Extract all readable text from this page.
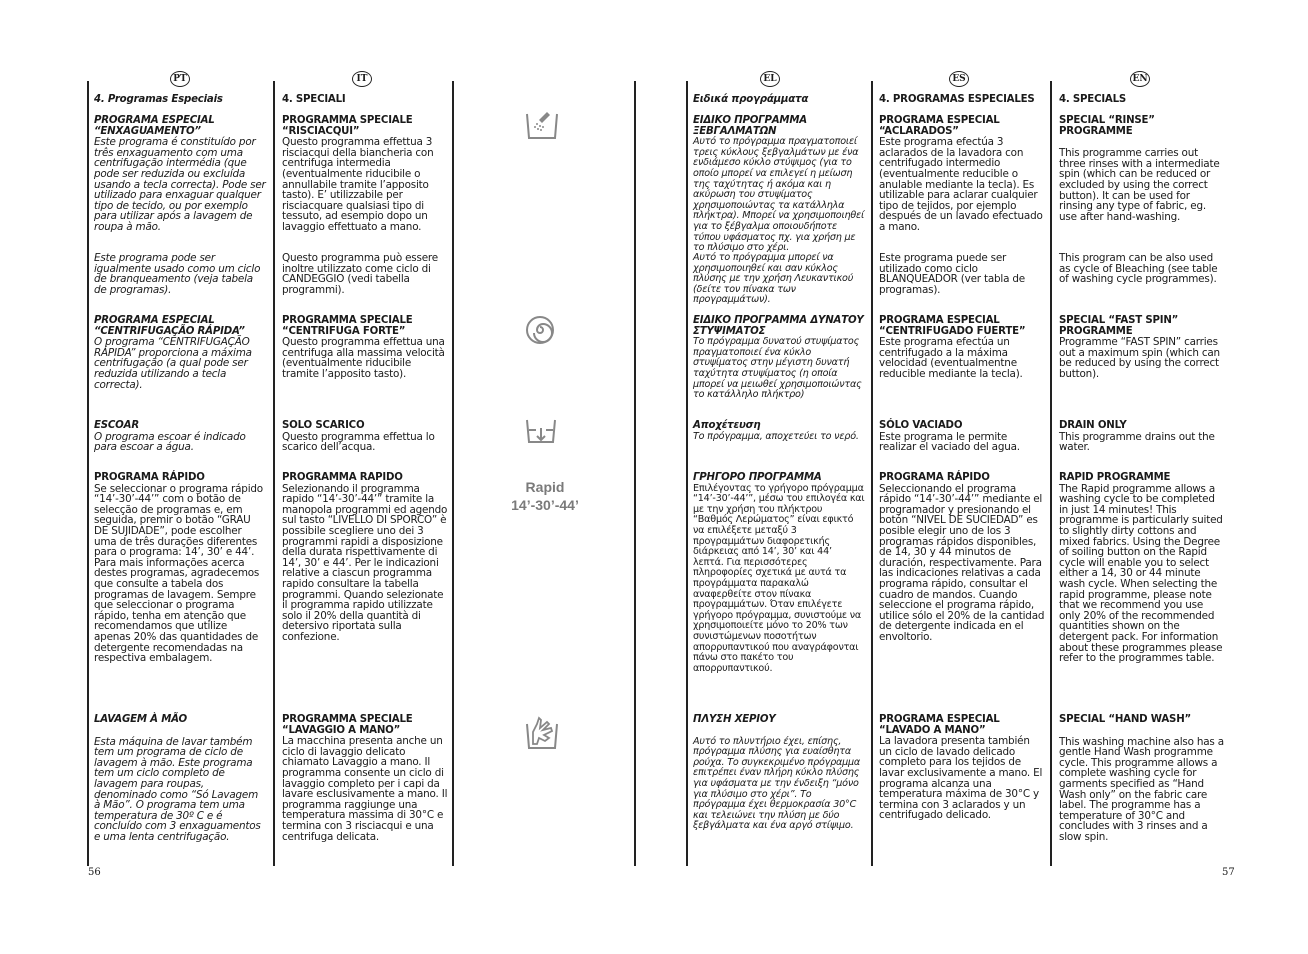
PT	IT	EL	ES	EN
4. Programas Especiais
PROGRAMA ESPECIAL “ENXAGUAMENTO”
Este programa é constituído por três enxaguamento com uma centrifugação intermédia (que pode ser reduzida ou excluída usando a tecla correcta). Pode ser utilizado para enxaguar qualquer tipo de tecido, ou por exemplo para utilizar após a lavagem de roupa à mão.
Este programa pode ser igualmente usado como um ciclo de branqueamento (veja tabela de programas).
PROGRAMA ESPECIAL “CENTRIFUGAÇÃO RÁPIDA”
O programa “CENTRIFUGAÇÃO RÁPIDA” proporciona a máxima centrifugação (a qual pode ser reduzida utilizando a tecla correcta).
ESCOAR
O programa escoar é indicado para escoar a água.
PROGRAMA RÁPIDO
Se seleccionar o programa rápido “14’-30’-44’” com o botão de selecção de programas e, em seguida, premir o botão “GRAU DE SUJIDADE”, pode escolher uma de três durações diferentes para o programa: 14’, 30’ e 44’. Para mais informações acerca destes programas, agradecemos que consulte a tabela dos programas de lavagem. Sempre que seleccionar o programa rápido, tenha em atenção que recomendamos que utilize apenas 20% das quantidades de detergente recomendadas na respectiva embalagem.
LAVAGEM À MÃO
Esta máquina de lavar também tem um programa de ciclo de lavagem à mão. Este programa tem um ciclo completo de lavagem para roupas, denominado como “Só Lavagem à Mão”. O programa tem uma temperatura de 30º C e é concluído com 3 enxaguamentos e uma lenta centrifugação.
4. SPECIALI
PROGRAMMA SPECIALE “RISCIACQUI”
Questo programma effettua 3 risciacqui della biancheria con centrifuga intermedia (eventualmente riducibile o annullabile tramite l’apposito tasto). E’ utilizzabile per risciacquare qualsiasi tipo di tessuto, ad esempio dopo un lavaggio effettuato a mano.
Questo programma può essere inoltre utilizzato come ciclo di CANDEGGIO (vedi tabella programmi).
PROGRAMMA SPECIALE “CENTRIFUGA FORTE”
Questo programma effettua una centrifuga alla massima velocità (eventualmente riducibile tramite l’apposito tasto).
SOLO SCARICO
Questo programma effettua lo scarico dell’acqua.
PROGRAMMA RAPIDO
Selezionando il programma rapido “14’-30’-44’” tramite la manopola programmi ed agendo sul tasto “LIVELLO DI SPORCO” è possibile scegliere uno dei 3 programmi rapidi a disposizione della durata rispettivamente di 14’, 30’ e 44’. Per le indicazioni relative a ciascun programma rapido consultare la tabella programmi. Quando selezionate il programma rapido utilizzate solo il 20% della quantità di detersivo riportata sulla confezione.
PROGRAMMA SPECIALE “LAVAGGIO A MANO”
La macchina presenta anche un ciclo di lavaggio delicato chiamato Lavaggio a mano. Il programma consente un ciclo di lavaggio completo per i capi da lavare esclusivamente a mano. Il programma raggiunge una temperatura massima di 30°C e termina con 3 risciacqui e una centrifuga delicata.
Rapid
14’-30’-44’
Ειδικά προγράμματα
ΕΙΔΙΚΟ ΠΡΟΓΡΑΜΜΑ ΞΕΒΓΑΛΜΑΤΩΝ
Αυτό το πρόγραμμα πραγματοποιεί τρεις κύκλους ξεβγαλμάτων με ένα ενδιάμεσο κύκλο στύψιμος (για το οποίο μπορεί να επιλεγεί η μείωση της ταχύτητας ή ακόμα και η ακύρωση του στυψίματος χρησιμοποιώντας τα κατάλληλα πλήκτρα). Μπορεί να χρησιμοποιηθεί για το ξέβγαλμα οποιουδήποτε τύπου υφάσματος πχ. για χρήση με το πλύσιμο στο χέρι.
Αυτό το πρόγραμμα μπορεί να χρησιμοποιηθεί και σαν κύκλος πλύσης με την χρήση Λευκαντικού (δείτε τον πίνακα των προγραμμάτων).
ΕΙΔΙΚΟ ΠΡΟΓΡΑΜΜΑ ΔΥΝΑΤΟΥ ΣΤΥΨΙΜΑΤΟΣ
Το πρόγραμμα δυνατού στυψίματος πραγματοποιεί ένα κύκλο στυψίματος στην μέγιστη δυνατή ταχύτητα στυψίματος (η οποία μπορεί να μειωθεί χρησιμοποιώντας το κατάλληλο πλήκτρο)
Αποχέτευση
Το πρόγραμμα, αποχετεύει το νερό.
ΓΡΗΓΟΡΟ ΠΡΟΓΡΑΜΜΑ
Επιλέγοντας το γρήγορο πρόγραμμα “14’-30’-44’”, μέσω του επιλογέα και με την χρήση του πλήκτρου “Βαθμός Λερώματος” είναι εφικτό να επιλέξετε μεταξύ 3 προγραμμάτων διαφορετικής διάρκειας από 14’, 30’ και 44’ λεπτά. Για περισσότερες πληροφορίες σχετικά με αυτά τα προγράμματα παρακαλώ αναφερθείτε στον πίνακα προγραμμάτων. Όταν επιλέγετε γρήγορο πρόγραμμα, συνιστούμε να χρησιμοποιείτε μόνο το 20% των συνιστώμενων ποσοτήτων απορρυπαντικού που αναγράφονται πάνω στο πακέτο του απορρυπαντικού.
ΠΛΥΣΗ ΧΕΡΙΟΥ
Αυτό το πλυντήριο έχει, επίσης, πρόγραμμα πλύσης για ευαίσθητα ρούχα. Το συγκεκριμένο πρόγραμμα επιτρέπει έναν πλήρη κύκλο πλύσης για υφάσματα με την ένδειξη “μόνο για πλύσιμο στο χέρι”. Το πρόγραμμα έχει θερμοκρασία 30°C και τελειώνει την πλύση με δύο ξεβγάλματα και ένα αργό στίψιμο.
4. PROGRAMAS ESPECIALES
PROGRAMA ESPECIAL “ACLARADOS”
Este programa efectúa 3 aclarados de la lavadora con centrifugado intermedio (eventualmente reducible o anulable mediante la tecla). Es utilizable para aclarar cualquier tipo de tejidos, por ejemplo después de un lavado efectuado a mano.
Este programa puede ser utilizado como ciclo BLANQUEADOR (ver tabla de programas).
PROGRAMA ESPECIAL “CENTRIFUGADO FUERTE”
Este programa efectúa un centrifugado a la máxima velocidad (eventualmentne reducible mediante la tecla).
SÓLO VACIADO
Este programa le permite realizar el vaciado del agua.
PROGRAMA RÁPIDO
Seleccionando el programa rápido “14’-30’-44’” mediante el programador y presionando el botón “NIVEL DE SUCIEDAD” es posible elegir uno de los 3 programas rápidos disponibles, de 14, 30 y 44 minutos de duración, respectivamente. Para las indicaciones relativas a cada programa rápido, consultar el cuadro de mandos. Cuando seleccione el programa rápido, utilice sólo el 20% de la cantidad de detergente indicada en el envoltorio.
PROGRAMA ESPECIAL “LAVADO A MANO”
La lavadora presenta también un ciclo de lavado delicado completo para los tejidos de lavar exclusivamente a mano. El programa alcanza una temperatura máxima de 30°C y termina con 3 aclarados y un centrifugado delicado.
4. SPECIALS
SPECIAL “RINSE” PROGRAMME
This programme carries out three rinses with a intermediate spin (which can be reduced or excluded by using the correct button). It can be used for rinsing any type of fabric, eg. use after hand-washing.
This program can be also used as cycle of Bleaching (see table of washing cycle programmes).
SPECIAL “FAST SPIN” PROGRAMME
Programme “FAST SPIN” carries out a maximum spin (which can be reduced by using the correct button).
DRAIN ONLY
This programme drains out the water.
RAPID PROGRAMME
The Rapid programme allows a washing cycle to be completed in just 14 minutes! This programme is particularly suited to slightly dirty cottons and mixed fabrics. Using the Degree of soiling button on the Rapid cycle will enable you to select either a 14, 30 or 44 minute wash cycle. When selecting the rapid programme, please note that we recommend you use only 20% of the recommended quantities shown on the detergent pack. For information about these programmes please refer to the programmes table.
SPECIAL “HAND WASH”
This washing machine also has a gentle Hand Wash programme cycle. This programme allows a complete washing cycle for garments specified as “Hand Wash only” on the fabric care label. The programme has a temperature of 30°C and concludes with 3 rinses and a slow spin.
56	57
